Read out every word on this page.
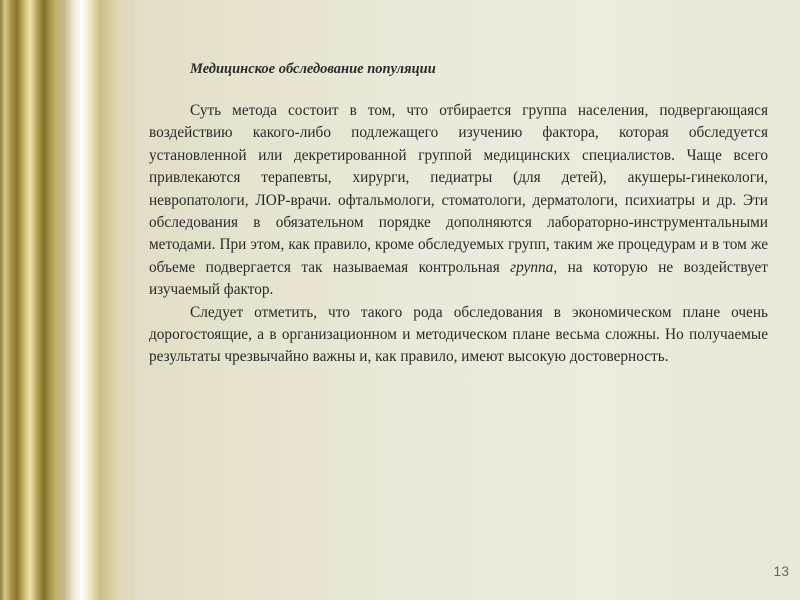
Медицинское обследование популяции

Суть метода состоит в том, что отбирается группа населения, подвергающаяся воздействию какого-либо подлежащего изучению фактора, которая обследуется установленной или декретированной группой медицинских специалистов. Чаще всего привлекаются терапевты, хирурги, педиатры (для детей), акушеры-гинекологи, невропатологи, ЛОР-врачи. офтальмологи, стоматологи, дерматологи, психиатры и др. Эти обследования в обязательном порядке дополняются лабораторно-инструментальными методами. При этом, как правило, кроме обследуемых групп, таким же процедурам и в том же объеме подвергается так называемая контрольная группа, на которую не воздействует изучаемый фактор.

Следует отметить, что такого рода обследования в экономическом плане очень дорогостоящие, а в организационном и методическом плане весьма сложны. Но получаемые результаты чрезвычайно важны и, как правило, имеют высокую достоверность.

13
